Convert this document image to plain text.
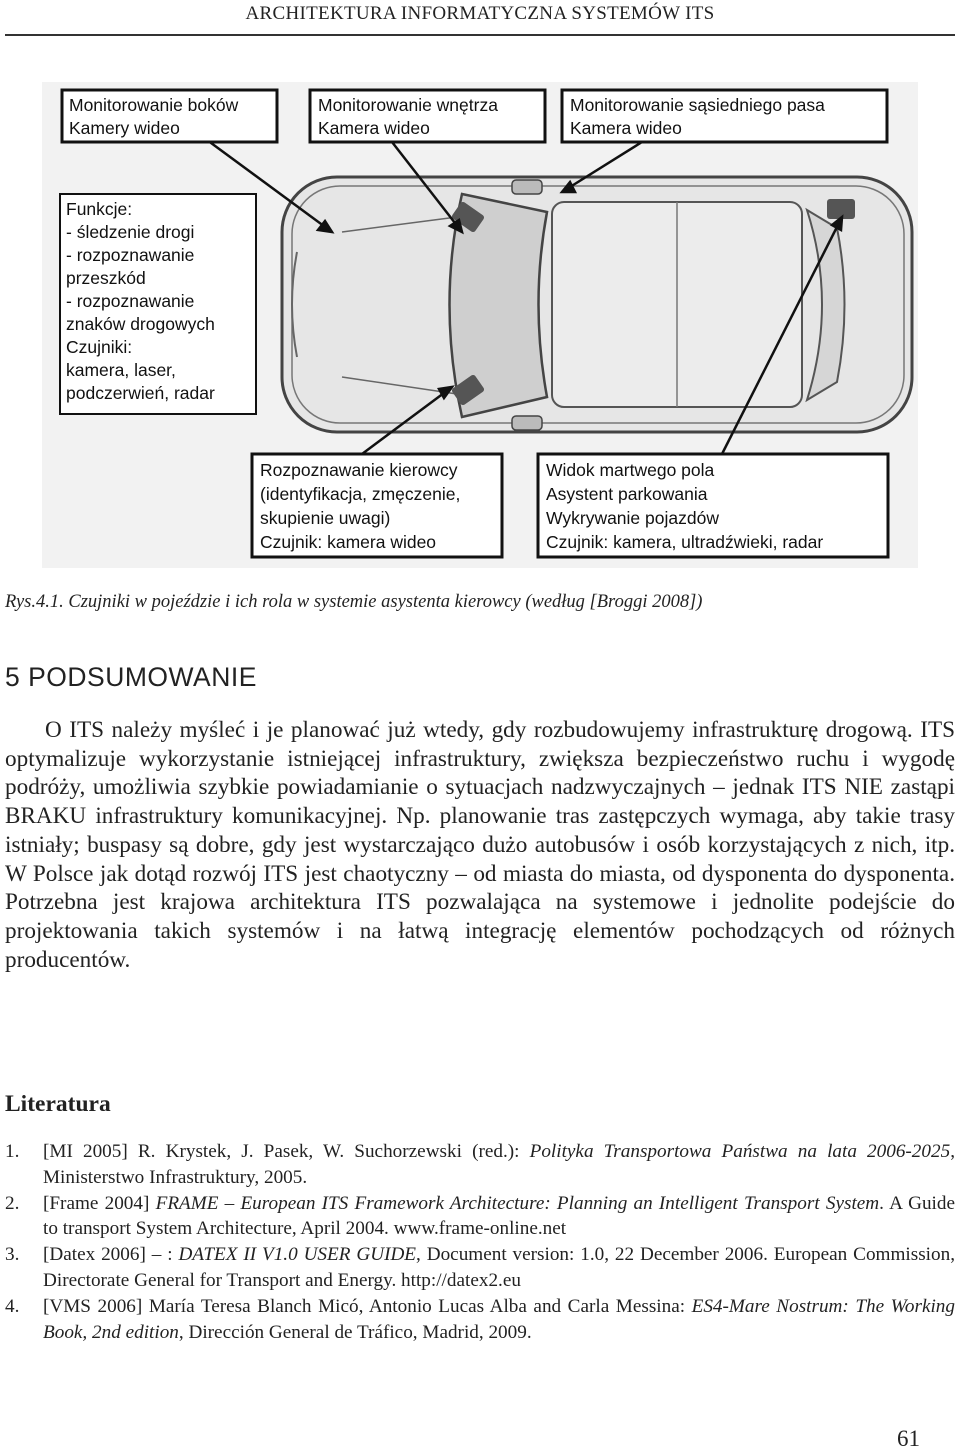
ARCHITEKTURA INFORMATYCZNA SYSTEMÓW ITS
Monitorowanie boków
Kamery wideo
Monitorowanie wnętrza
Kamera wideo
Monitorowanie sąsiedniego pasa
Kamera wideo
Funkcje:
- śledzenie drogi
- rozpoznawanie
przeszkód
- rozpoznawanie
znaków drogowych
Czujniki:
kamera, laser,
podczerwień, radar
Rozpoznawanie kierowcy
(identyfikacja, zmęczenie,
skupienie uwagi)
Czujnik: kamera wideo
Widok martwego pola
Asystent parkowania
Wykrywanie pojazdów
Czujnik: kamera, ultradźwieki, radar
Rys.4.1. Czujniki w pojeździe i ich rola w systemie asystenta kierowcy (według [Broggi 2008])
5 PODSUMOWANIE

O ITS należy myśleć i je planować już wtedy, gdy rozbudowujemy infrastrukturę drogową. ITS optymalizuje wykorzystanie istniejącej infrastruktury, zwiększa bezpieczeństwo ruchu i wygodę podróży, umożliwia szybkie powiadamianie o sytuacjach nadzwyczajnych – jednak ITS NIE zastąpi BRAKU infrastruktury komunikacyjnej. Np. planowanie tras zastępczych wymaga, aby takie trasy istniały; buspasy są dobre, gdy jest wystarczająco dużo autobusów i osób korzystających z nich, itp. W Polsce jak dotąd rozwój ITS jest chaotyczny – od miasta do miasta, od dysponenta do dysponenta. Potrzebna jest krajowa architektura ITS pozwalająca na systemowe i jednolite podejście do projektowania takich systemów i na łatwą integrację elementów pochodzących od różnych producentów.

Literatura
1. [MI 2005] R. Krystek, J. Pasek, W. Suchorzewski (red.): Polityka Transportowa Państwa na lata 2006-2025, Ministerstwo Infrastruktury, 2005.
2. [Frame 2004] FRAME – European ITS Framework Architecture: Planning an Intelligent Transport System. A Guide to transport System Architecture, April 2004. www.frame-online.net
3. [Datex 2006] – : DATEX II V1.0 USER GUIDE, Document version: 1.0, 22 December 2006. European Commission, Directorate General for Transport and Energy. http://datex2.eu
4. [VMS 2006] María Teresa Blanch Micó, Antonio Lucas Alba and Carla Messina: ES4-Mare Nostrum: The Working Book, 2nd edition, Dirección General de Tráfico, Madrid, 2009.
61
